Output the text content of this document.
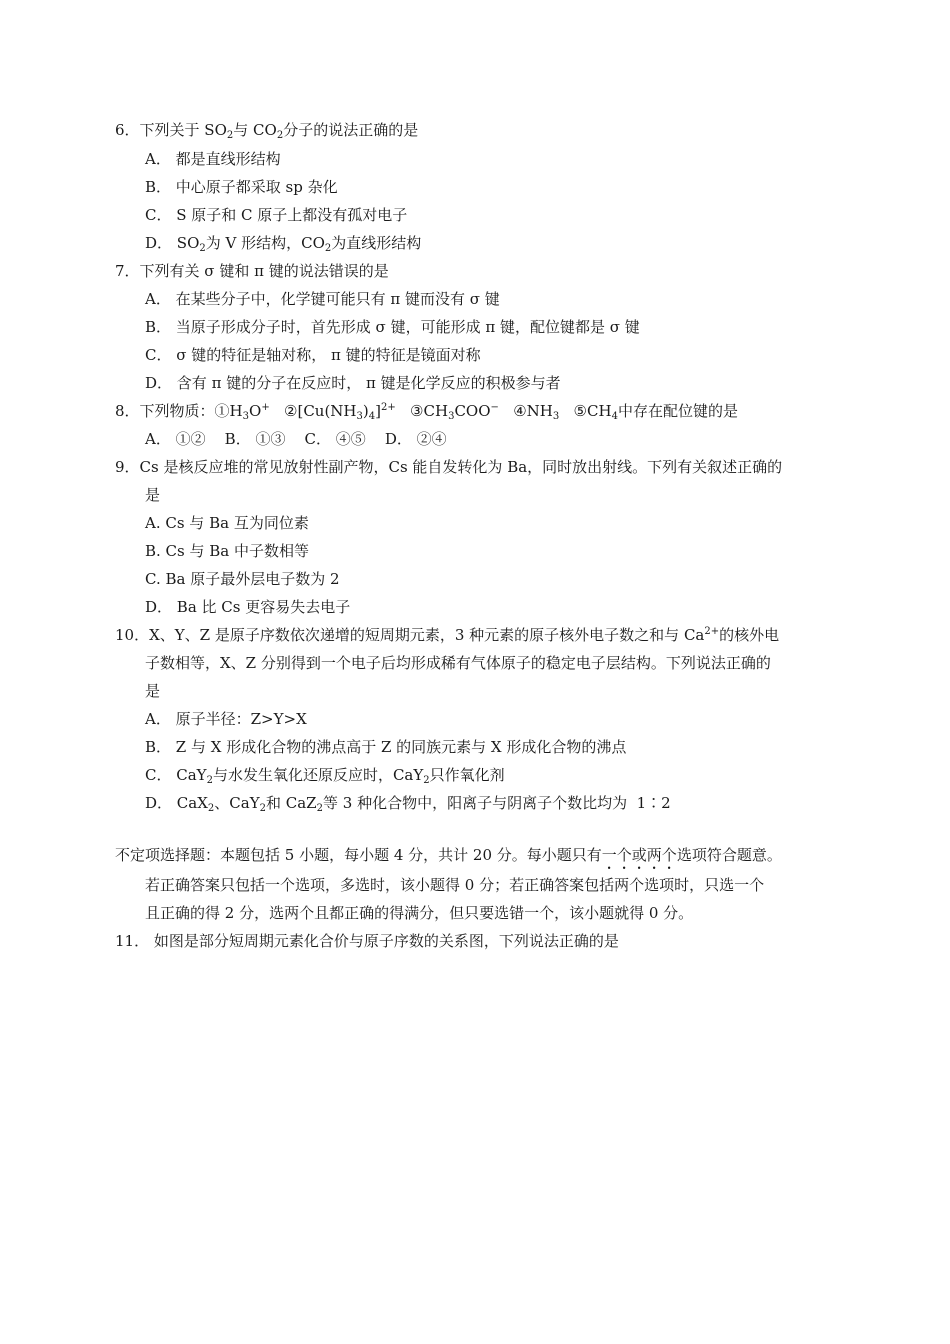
6．下列关于 $SO_2$与 $CO_2$分子的说法正确的是
A． 都是直线形结构
B． 中心原子都采取 sp 杂化
C． S 原子和 C 原子上都没有孤对电子
D． $SO_2$为 V 形结构，$CO_2$为直线形结构
7．下列有关 σ 键和 π 键的说法错误的是
A． 在某些分子中，化学键可能只有 π 键而没有 σ 键
B． 当原子形成分子时，首先形成 σ 键，可能形成 π 键，配位键都是 σ 键
C． σ 键的特征是轴对称， π 键的特征是镜面对称
D． 含有 π 键的分子在反应时， π 键是化学反应的积极参与者
8．下列物质：$①H_3O^+$   $②[Cu(NH_3)_4]^{2+}$   $③CH_3COO^-$   $④NH_3$   $⑤CH_4$中存在配位键的是
A． ①②    B． ①③    C． ④⑤    D． ②④
9．Cs 是核反应堆的常见放射性副产物，Cs 能自发转化为 Ba，同时放出射线。下列有关叙述正确的
是
A. Cs 与 Ba 互为同位素
B. Cs 与 Ba 中子数相等
C. Ba 原子最外层电子数为 2
D． Ba 比 Cs 更容易失去电子
10．X、Y、Z 是原子序数依次递增的短周期元素，3 种元素的原子核外电子数之和与 $Ca^{2+}$的核外电
子数相等，X、Z 分别得到一个电子后均形成稀有气体原子的稳定电子层结构。下列说法正确的
是
A． 原子半径：Z>Y>X
B． Z 与 X 形成化合物的沸点高于 Z 的同族元素与 X 形成化合物的沸点
C． CaY$_2$与水发生氧化还原反应时，CaY$_2$只作氧化剂
D． CaX$_2$、CaY$_2$和 CaZ$_2$等 3 种化合物中，阳离子与阴离子个数比均为  1∶2
不定项选择题：本题包括 5 小题，每小题 4 分，共计 20 分。每小题只有一个或两个选项符合题意。
若正确答案只包括一个选项，多选时，该小题得 0 分；若正确答案包括两个选项时，只选一个
且正确的得 2 分，选两个且都正确的得满分，但只要选错一个，该小题就得 0 分。
11． 如图是部分短周期元素化合价与原子序数的关系图，下列说法正确的是
